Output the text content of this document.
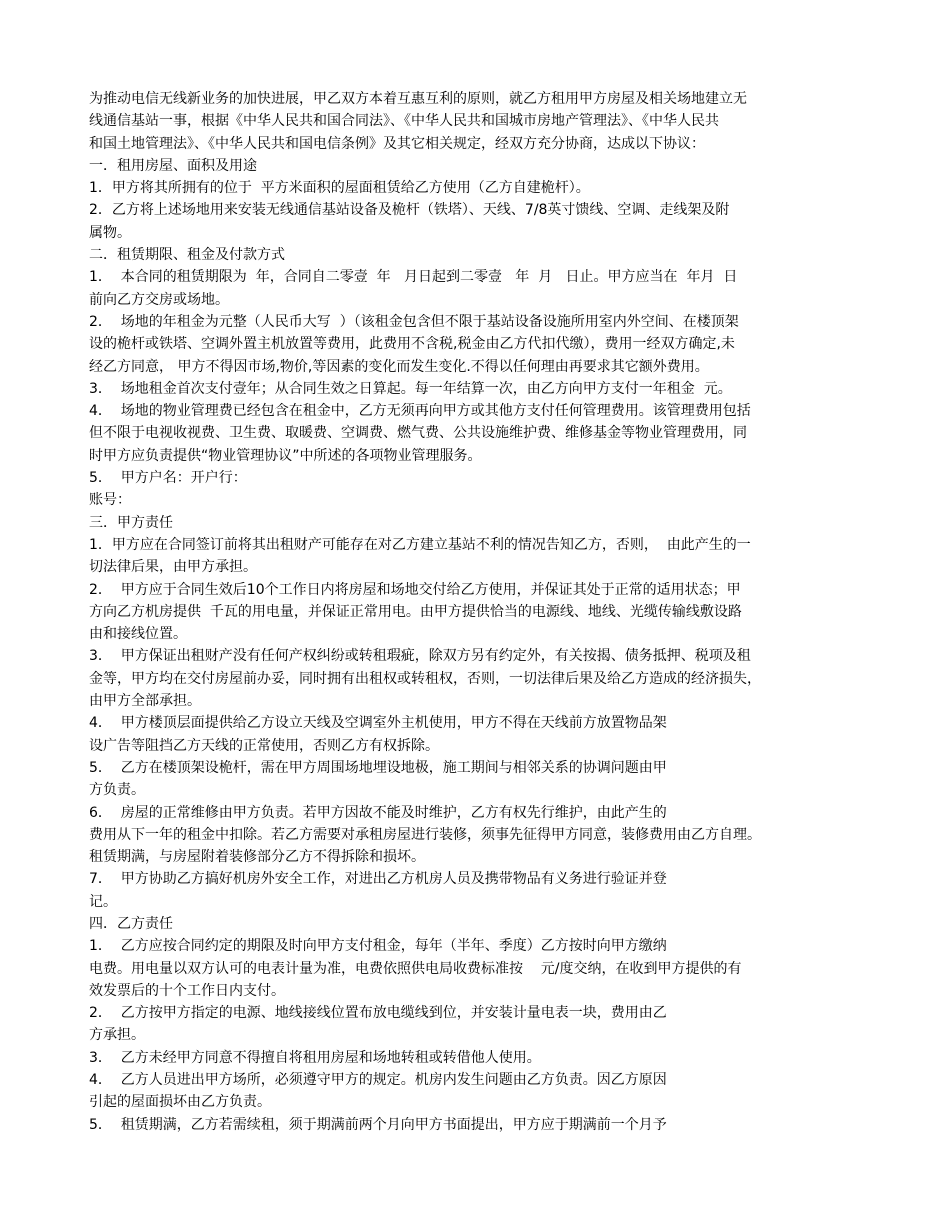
为推动电信无线新业务的加快进展，甲乙双方本着互惠互利的原则，就乙方租用甲方房屋及相关场地建立无

线通信基站一事，根据《中华人民共和国合同法》、《中华人民共和国城市房地产管理法》、《中华人民共

和国土地管理法》、《中华人民共和国电信条例》及其它相关规定，经双方充分协商，达成以下协议：

一．租用房屋、面积及用途

1．甲方将其所拥有的位于  平方米面积的屋面租赁给乙方使用（乙方自建桅杆）。

2．乙方将上述场地用来安装无线通信基站设备及桅杆（铁塔）、天线、7/8英寸馈线、空调、走线架及附

属物。

二．租赁期限、租金及付款方式

1．  本合同的租赁期限为  年，合同自二零壹  年   月日起到二零壹   年  月   日止。甲方应当在  年月  日

前向乙方交房或场地。

2．  场地的年租金为元整（人民币大写  ）（该租金包含但不限于基站设备设施所用室内外空间、在楼顶架

设的桅杆或铁塔、空调外置主机放置等费用，此费用不含税,税金由乙方代扣代缴），费用一经双方确定,未

经乙方同意， 甲方不得因市场,物价,等因素的变化而发生变化.不得以任何理由再要求其它额外费用。

3．  场地租金首次支付壹年；从合同生效之日算起。每一年结算一次，由乙方向甲方支付一年租金  元。

4．  场地的物业管理费已经包含在租金中，乙方无须再向甲方或其他方支付任何管理费用。该管理费用包括

但不限于电视收视费、卫生费、取暖费、空调费、燃气费、公共设施维护费、维修基金等物业管理费用，同

时甲方应负责提供“物业管理协议”中所述的各项物业管理服务。

5．  甲方户名：开户行：

账号：

三．甲方责任

1．甲方应在合同签订前将其出租财产可能存在对乙方建立基站不利的情况告知乙方，否则，  由此产生的一

切法律后果，由甲方承担。

2．  甲方应于合同生效后10个工作日内将房屋和场地交付给乙方使用，并保证其处于正常的适用状态；甲

方向乙方机房提供  千瓦的用电量，并保证正常用电。由甲方提供恰当的电源线、地线、光缆传输线敷设路

由和接线位置。

3．  甲方保证出租财产没有任何产权纠纷或转租瑕疵，除双方另有约定外，有关按揭、债务抵押、税项及租

金等，甲方均在交付房屋前办妥，同时拥有出租权或转租权，否则，一切法律后果及给乙方造成的经济损失，

由甲方全部承担。

4．  甲方楼顶层面提供给乙方设立天线及空调室外主机使用，甲方不得在天线前方放置物品架

设广告等阻挡乙方天线的正常使用，否则乙方有权拆除。

5．  乙方在楼顶架设桅杆，需在甲方周围场地埋设地极，施工期间与相邻关系的协调问题由甲

方负责。

6．  房屋的正常维修由甲方负责。若甲方因故不能及时维护，乙方有权先行维护，由此产生的

费用从下一年的租金中扣除。若乙方需要对承租房屋进行装修，须事先征得甲方同意，装修费用由乙方自理。

租赁期满，与房屋附着装修部分乙方不得拆除和损坏。

7．  甲方协助乙方搞好机房外安全工作，对进出乙方机房人员及携带物品有义务进行验证并登

记。

四．乙方责任

1．  乙方应按合同约定的期限及时向甲方支付租金，每年（半年、季度）乙方按时向甲方缴纳

电费。用电量以双方认可的电表计量为准，电费依照供电局收费标准按    元/度交纳，在收到甲方提供的有

效发票后的十个工作日内支付。

2．  乙方按甲方指定的电源、地线接线位置布放电缆线到位，并安装计量电表一块，费用由乙

方承担。

3．  乙方未经甲方同意不得擅自将租用房屋和场地转租或转借他人使用。

4．  乙方人员进出甲方场所，必须遵守甲方的规定。机房内发生问题由乙方负责。因乙方原因

引起的屋面损坏由乙方负责。

5．  租赁期满，乙方若需续租，须于期满前两个月向甲方书面提出，甲方应于期满前一个月予
